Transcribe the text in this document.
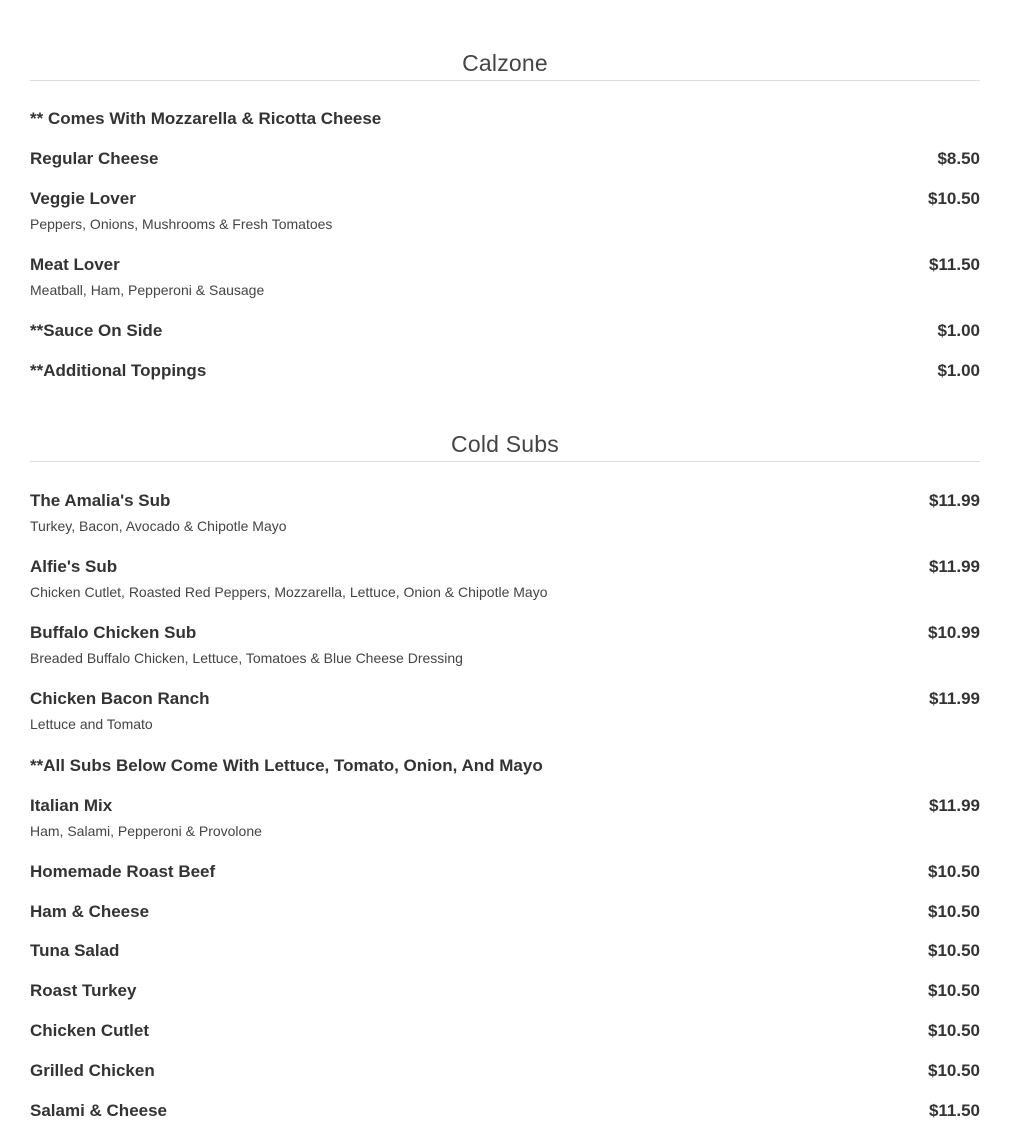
Calzone
** Comes With Mozzarella & Ricotta Cheese
Regular Cheese	$8.50
Veggie Lover	$10.50
Peppers, Onions, Mushrooms & Fresh Tomatoes
Meat Lover	$11.50
Meatball, Ham, Pepperoni & Sausage
**Sauce On Side	$1.00
**Additional Toppings	$1.00
Cold Subs
The Amalia's Sub	$11.99
Turkey, Bacon, Avocado & Chipotle Mayo
Alfie's Sub	$11.99
Chicken Cutlet, Roasted Red Peppers, Mozzarella, Lettuce, Onion & Chipotle Mayo
Buffalo Chicken Sub	$10.99
Breaded Buffalo Chicken, Lettuce, Tomatoes & Blue Cheese Dressing
Chicken Bacon Ranch	$11.99
Lettuce and Tomato
**All Subs Below Come With Lettuce, Tomato, Onion, And Mayo
Italian Mix	$11.99
Ham, Salami, Pepperoni & Provolone
Homemade Roast Beef	$10.50
Ham & Cheese	$10.50
Tuna Salad	$10.50
Roast Turkey	$10.50
Chicken Cutlet	$10.50
Grilled Chicken	$10.50
Salami & Cheese	$11.50
